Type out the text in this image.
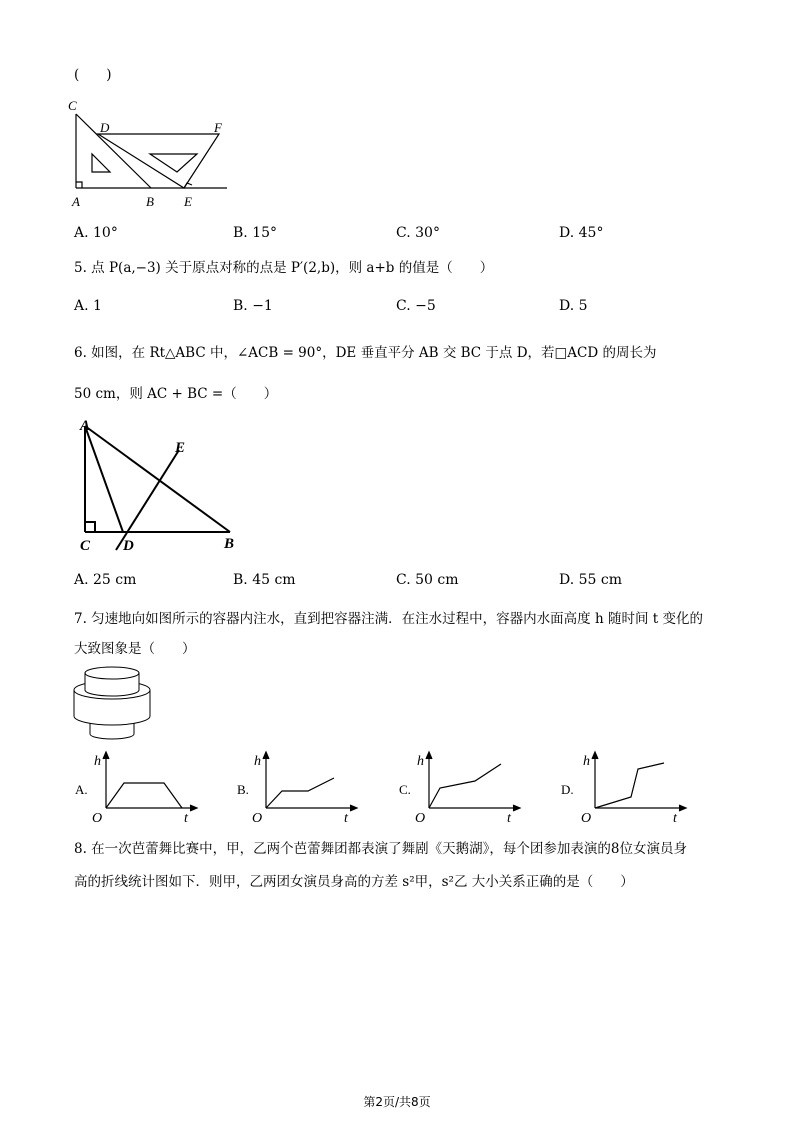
(　　)
C
D	F
A	B E
A. 10°	B. 15°	C. 30°	D. 45°
5. 点 P(a,−3) 关于原点对称的点是 P′(2,b)，则 a+b 的值是（　　）
A. 1	B. −1	C. −5	D. 5
6. 如图，在 Rt△ABC 中，∠ACB = 90°，DE 垂直平分 AB 交 BC 于点 D，若□ACD 的周长为
50 cm，则 AC + BC =（　　）
A
E
C D	B
A. 25 cm	B. 45 cm	C. 50 cm	D. 55 cm
7. 匀速地向如图所示的容器内注水，直到把容器注满．在注水过程中，容器内水面高度 h 随时间 t 变化的
大致图象是（　　）
A.
h
O	t
B.
h
O	t
C.
h
O	t
D.
h
O	t
8. 在一次芭蕾舞比赛中，甲，乙两个芭蕾舞团都表演了舞剧《天鹅湖》，每个团参加表演的8位女演员身
高的折线统计图如下．则甲，乙两团女演员身高的方差 s²甲，s²乙 大小关系正确的是（　　）
第2页/共8页
